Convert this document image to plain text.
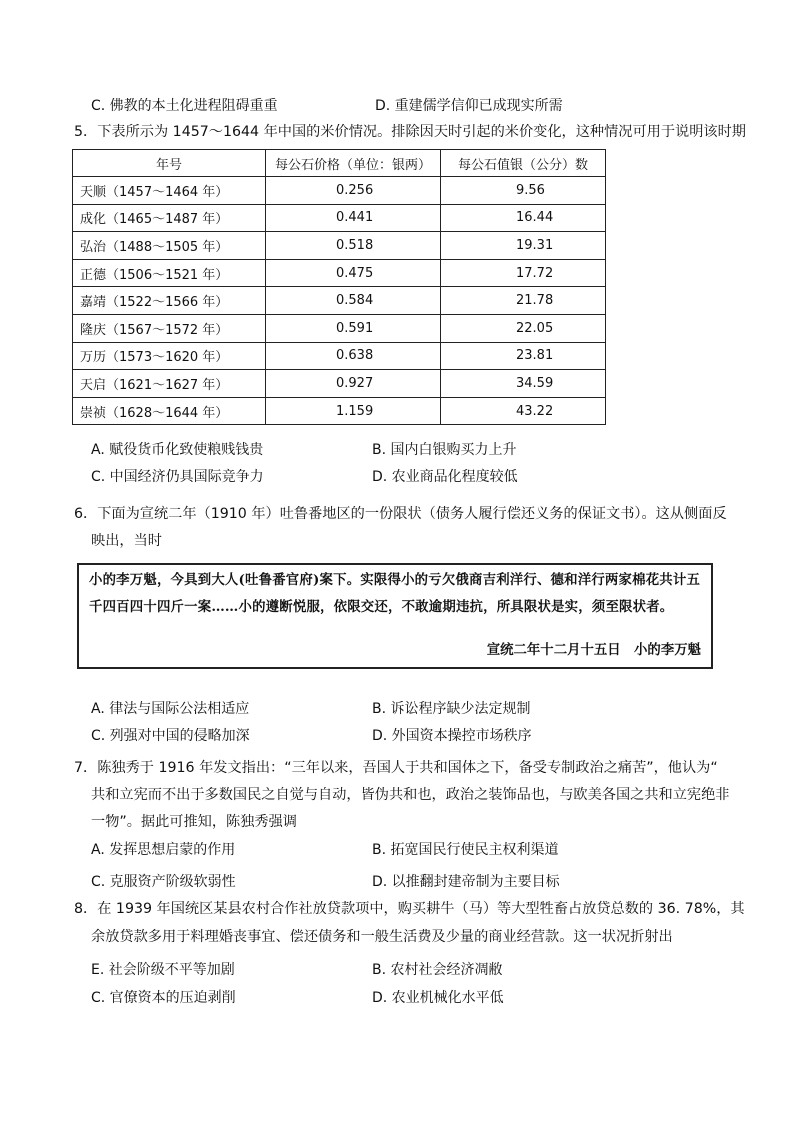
C. 佛教的本土化进程阻碍重重	D. 重建儒学信仰已成现实所需
5．下表所示为 1457～1644 年中国的米价情况。排除因天时引起的米价变化，这种情况可用于说明该时期
年号	每公石价格（单位：银两）	每公石值银（公分）数
天顺（1457～1464 年）	0.256	9.56
成化（1465～1487 年）	0.441	16.44
弘治（1488～1505 年）	0.518	19.31
正德（1506～1521 年）	0.475	17.72
嘉靖（1522～1566 年）	0.584	21.78
隆庆（1567～1572 年）	0.591	22.05
万历（1573～1620 年）	0.638	23.81
天启（1621～1627 年）	0.927	34.59
崇祯（1628～1644 年）	1.159	43.22
A. 赋役货币化致使粮贱钱贵	B. 国内白银购买力上升
C. 中国经济仍具国际竞争力	D. 农业商品化程度较低
6．下面为宣统二年（1910 年）吐鲁番地区的一份限状（债务人履行偿还义务的保证文书）。这从侧面反
映出，当时
小的李万魁，今具到大人(吐鲁番官府)案下。实限得小的亏欠俄商吉利洋行、德和洋行两家棉花共计五千四百四十四斤一案……小的遵断悦服，依限交还，不敢逾期违抗，所具限状是实，须至限状者。
宣统二年十二月十五日　小的李万魁
A. 律法与国际公法相适应	B. 诉讼程序缺少法定规制
C. 列强对中国的侵略加深	D. 外国资本操控市场秩序
7．陈独秀于 1916 年发文指出：“三年以来，吾国人于共和国体之下，备受专制政治之痛苦”，他认为“
共和立宪而不出于多数国民之自觉与自动，皆伪共和也，政治之装饰品也，与欧美各国之共和立宪绝非
一物”。据此可推知，陈独秀强调
A. 发挥思想启蒙的作用	B. 拓宽国民行使民主权利渠道
C. 克服资产阶级软弱性	D. 以推翻封建帝制为主要目标
8．在 1939 年国统区某县农村合作社放贷款项中，购买耕牛（马）等大型牲畜占放贷总数的 36. 78%，其
余放贷款多用于料理婚丧事宜、偿还债务和一般生活费及少量的商业经营款。这一状况折射出
E. 社会阶级不平等加剧	B. 农村社会经济凋敝
C. 官僚资本的压迫剥削	D. 农业机械化水平低
